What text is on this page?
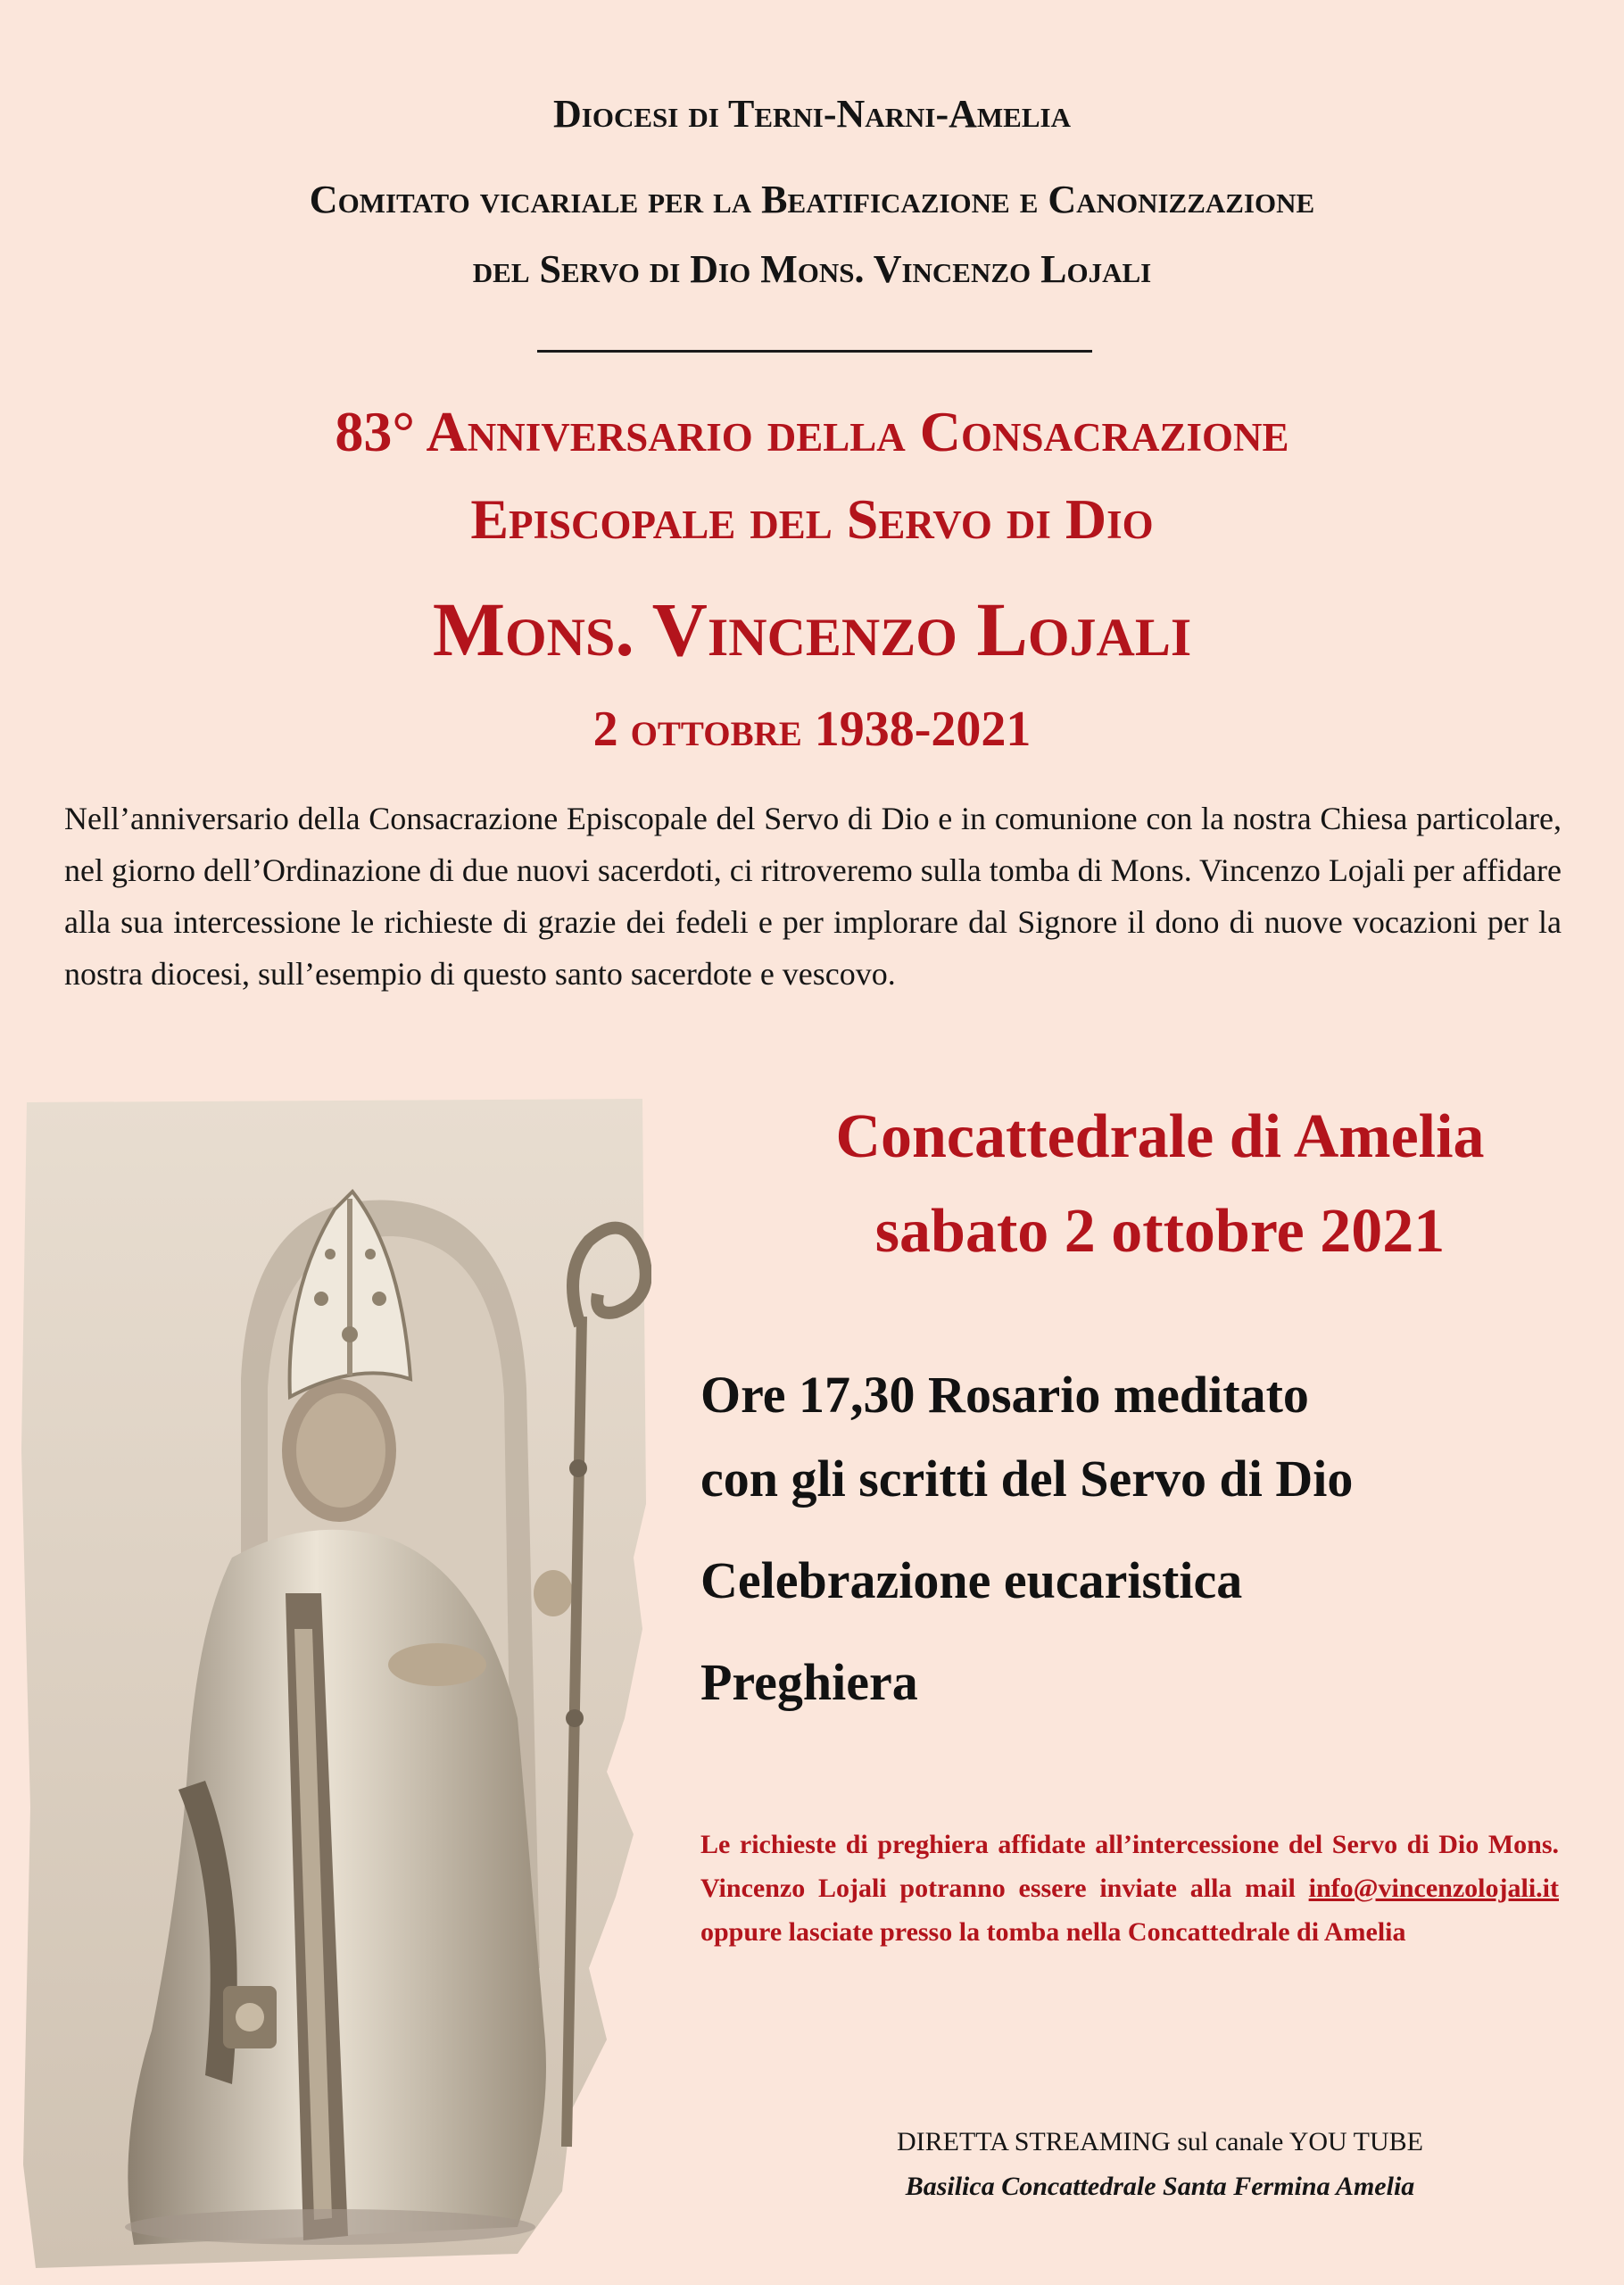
Diocesi di Terni-Narni-Amelia
Comitato vicariale per la Beatificazione e Canonizzazione
del Servo di Dio Mons. Vincenzo Lojali
83° Anniversario della Consacrazione
Episcopale del Servo di Dio
Mons. Vincenzo Lojali
2 ottobre 1938-2021
Nell’anniversario della Consacrazione Episcopale del Servo di Dio e in comunione con la nostra Chiesa particolare, nel giorno dell’Ordinazione di due nuovi sacerdoti, ci ritroveremo sulla tomba di Mons. Vincenzo Lojali per affidare alla sua intercessione le richieste di grazie dei fedeli e per implorare dal Signore il dono di nuove vocazioni per la nostra diocesi, sull’esempio di questo santo sacerdote e vescovo.
Concattedrale di Amelia
sabato 2 ottobre 2021
Ore 17,30 Rosario meditato
con gli scritti del Servo di Dio
Celebrazione eucaristica
Preghiera
Le richieste di preghiera affidate all’intercessione del Servo di Dio Mons. Vincenzo Lojali potranno essere inviate alla mail info@vincenzolojali.it oppure lasciate presso la tomba nella Concattedrale di Amelia
DIRETTA STREAMING sul canale YOU TUBE
Basilica Concattedrale Santa Fermina Amelia
